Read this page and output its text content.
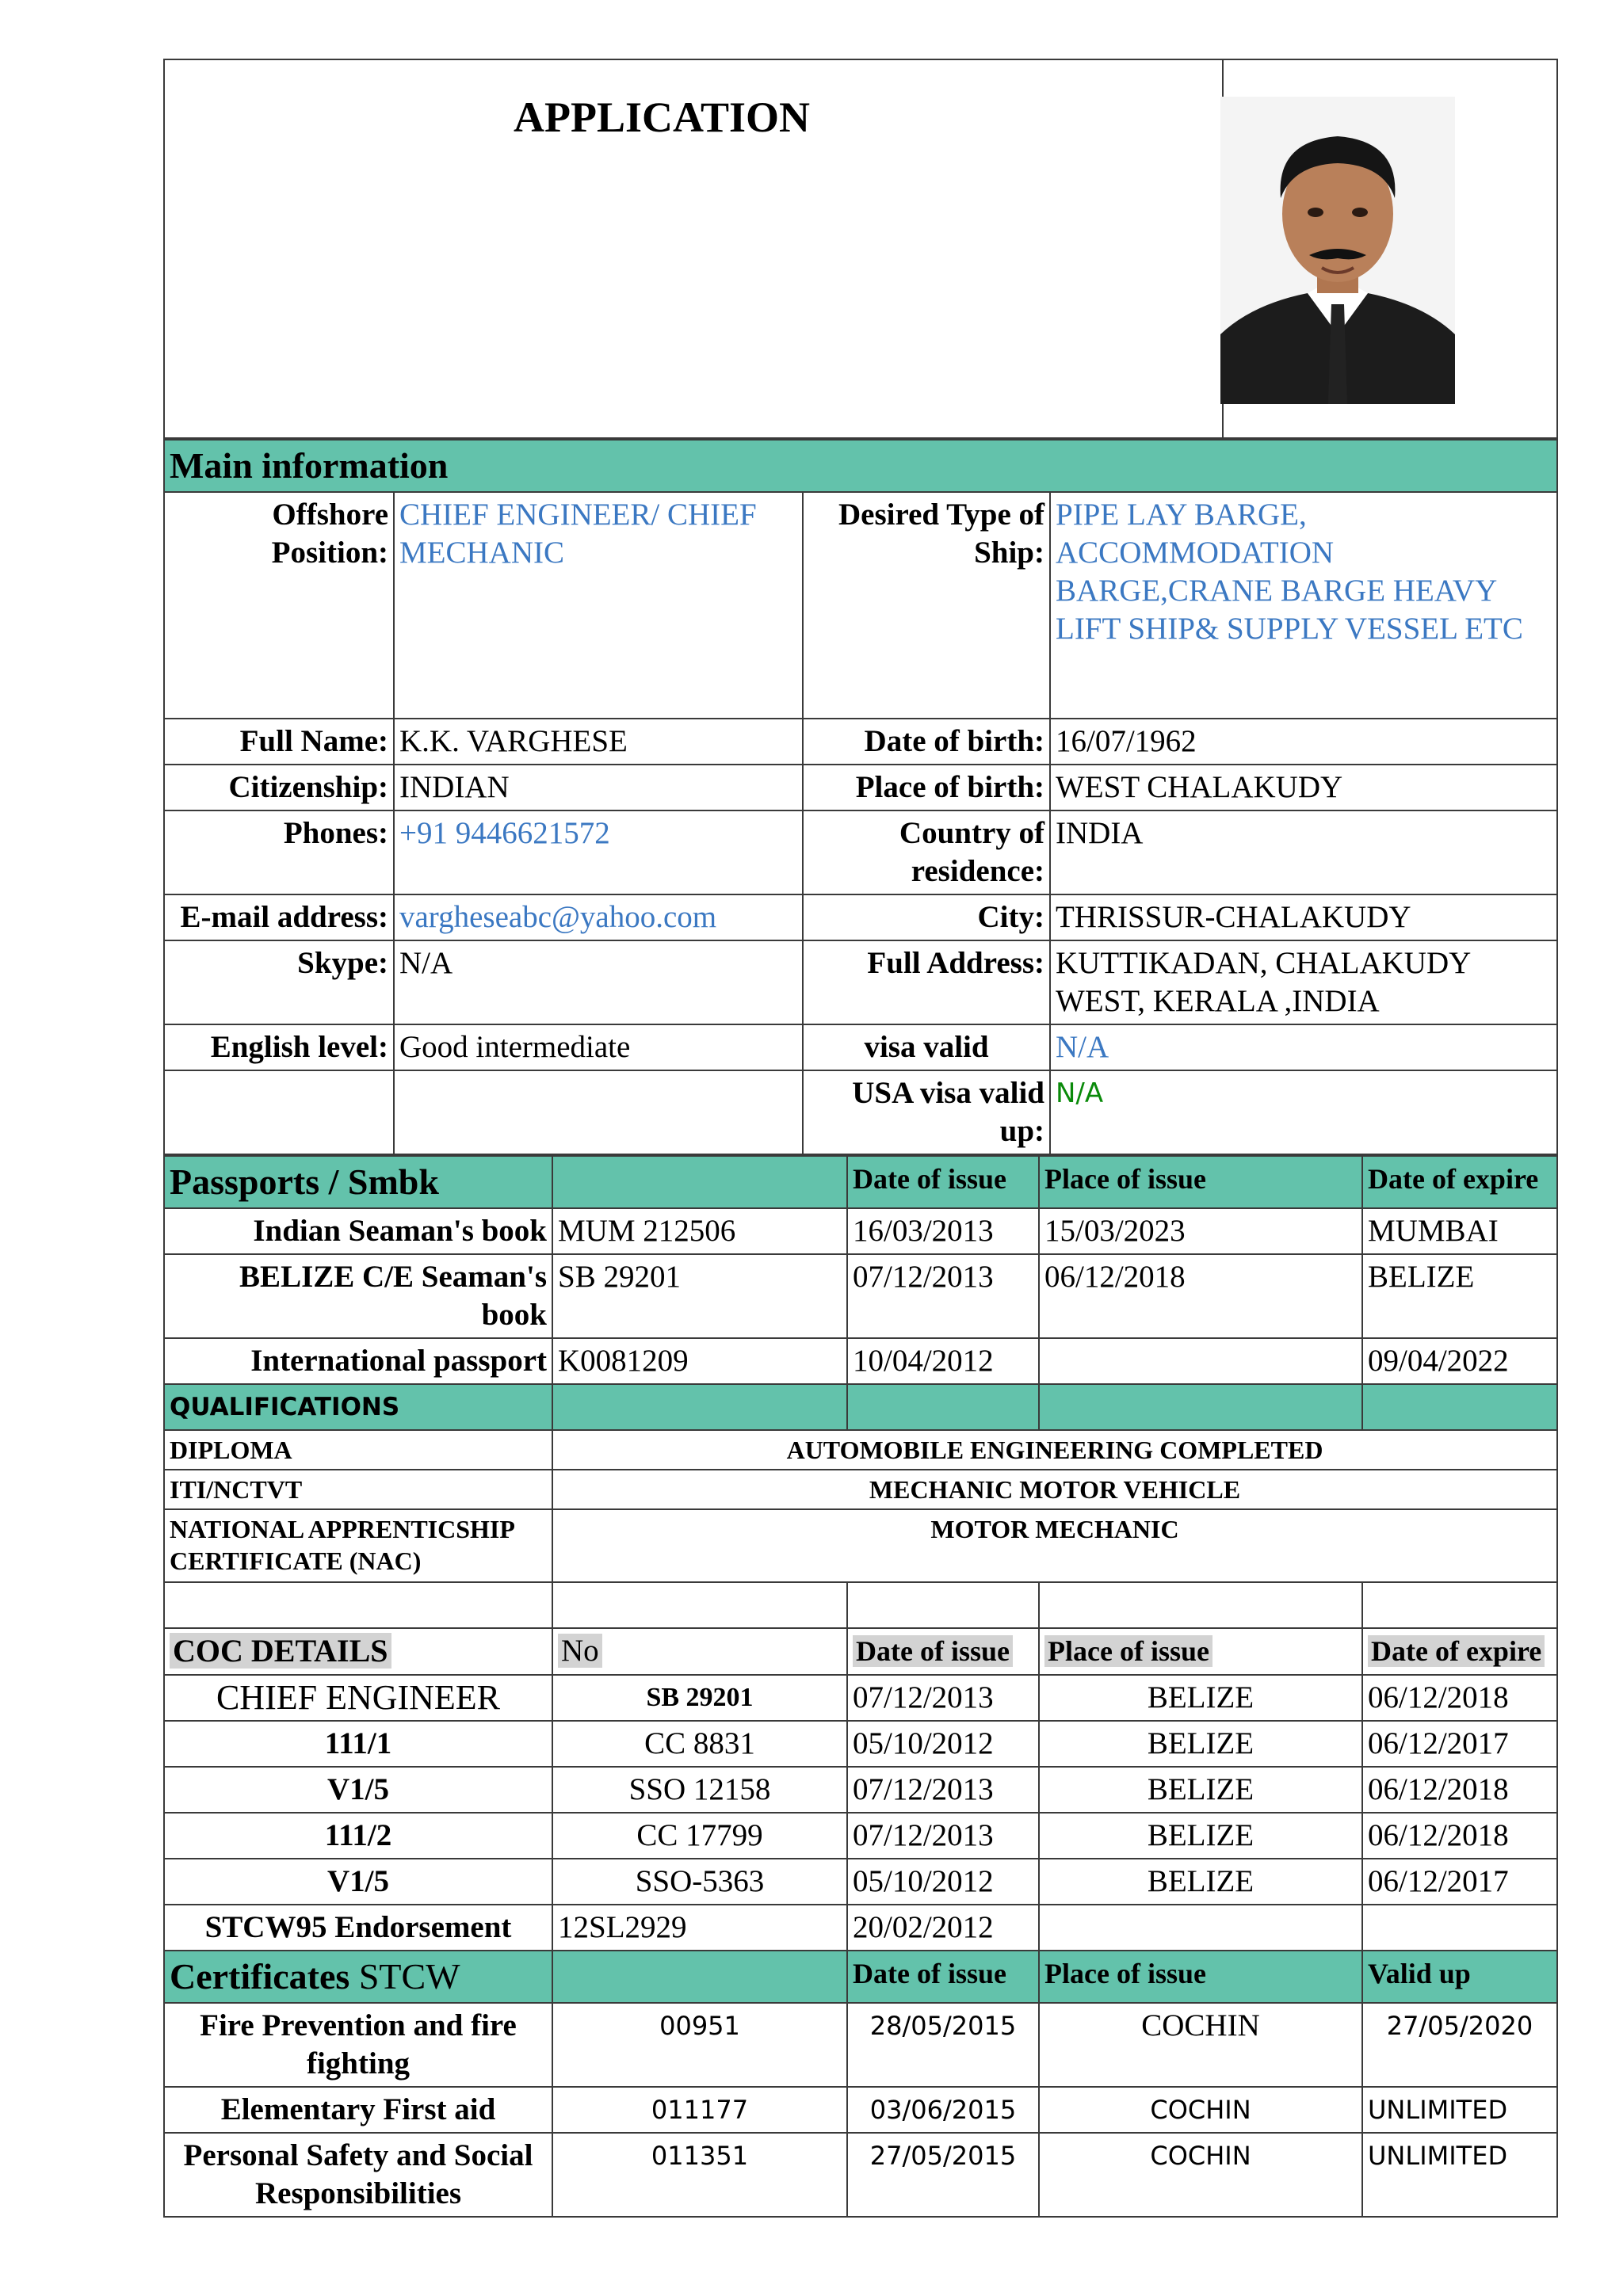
APPLICATION

Main information			
Offshore Position:	CHIEF ENGINEER/ CHIEF MECHANIC	Desired Type of Ship:	PIPE LAY BARGE, ACCOMMODATION BARGE,CRANE BARGE HEAVY LIFT SHIP& SUPPLY VESSEL ETC
Full Name:	K.K. VARGHESE	Date of birth:	16/07/1962
Citizenship:	INDIAN	Place of birth:	WEST CHALAKUDY
Phones:	+91 9446621572	Country of residence:	INDIA
E-mail address:	vargheseabc@yahoo.com	City:	THRISSUR-CHALAKUDY
Skype:	N/A	Full Address:	KUTTIKADAN, CHALAKUDY WEST, KERALA ,INDIA
English level:	Good intermediate	visa valid	N/A
		USA visa valid up:	N/A
Passports / Smbk		Date of issue	Place of issue	Date of expire
Indian Seaman's book	MUM 212506	16/03/2013	15/03/2023	MUMBAI
BELIZE C/E Seaman's book	SB 29201	07/12/2013	06/12/2018	BELIZE
International passport	K0081209	10/04/2012		09/04/2022
QUALIFICATIONS				
DIPLOMA	AUTOMOBILE ENGINEERING COMPLETED			
ITI/NCTVT	MECHANIC MOTOR VEHICLE			
NATIONAL APPRENTICSHIP CERTIFICATE (NAC)	MOTOR MECHANIC			

COC DETAILS	No	Date of issue	Place of issue	Date of expire
CHIEF ENGINEER	SB 29201	07/12/2013	BELIZE	06/12/2018
111/1	CC 8831	05/10/2012	BELIZE	06/12/2017
V1/5	SSO 12158	07/12/2013	BELIZE	06/12/2018
111/2	CC 17799	07/12/2013	BELIZE	06/12/2018
V1/5	SSO-5363	05/10/2012	BELIZE	06/12/2017
STCW95 Endorsement	12SL2929	20/02/2012		
Certificates STCW		Date of issue	Place of issue	Valid up
Fire Prevention and fire fighting	00951	28/05/2015	COCHIN	27/05/2020
Elementary First aid	011177	03/06/2015	COCHIN	UNLIMITED
Personal Safety and Social Responsibilities	011351	27/05/2015	COCHIN	UNLIMITED
